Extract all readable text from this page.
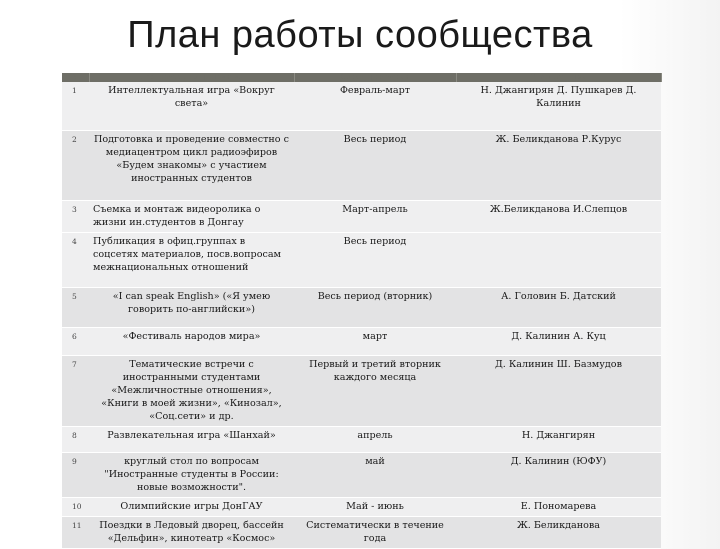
План работы сообщества
№	Планируемые мероприятия	Сроки проведения	Ответственный
1	Интеллектуальная игра «Вокруг света»	Февраль-март	Н. Джангирян Д. Пушкарев Д. Калинин
2	Подготовка и проведение совместно с медиацентром цикл радиоэфиров «Будем знакомы» с участием иностранных студентов	Весь период	Ж. Беликданова Р.Курус
3	Съемка и монтаж видеоролика о жизни ин.студентов в Донгау	Март-апрель	Ж.Беликданова И.Слепцов
4	Публикация в офиц.группах в соцсетях материалов, посв.вопросам межнациональных отношений	Весь период	
5	«I can speak English» («Я умею говорить по-английски»)	Весь период (вторник)	А. Головин Б. Датский
6	«Фестиваль народов мира»	март	Д. Калинин А. Куц
7	Тематические встречи с иностранными студентами «Межличностные отношения», «Книги в моей жизни», «Кинозал», «Соц.сети» и др.	Первый и третий вторник каждого месяца	Д. Калинин Ш. Базмудов
8	Развлекательная игра «Шанхай»	апрель	Н. Джангирян
9	круглый стол по вопросам "Иностранные студенты в России: новые возможности".	май	Д. Калинин (ЮФУ)
10	Олимпийские игры ДонГАУ	Май - июнь	Е. Пономарева
11	Поездки в Ледовый дворец, бассейн «Дельфин», кинотеатр «Космос»	Систематически в течение года	Ж. Беликданова
